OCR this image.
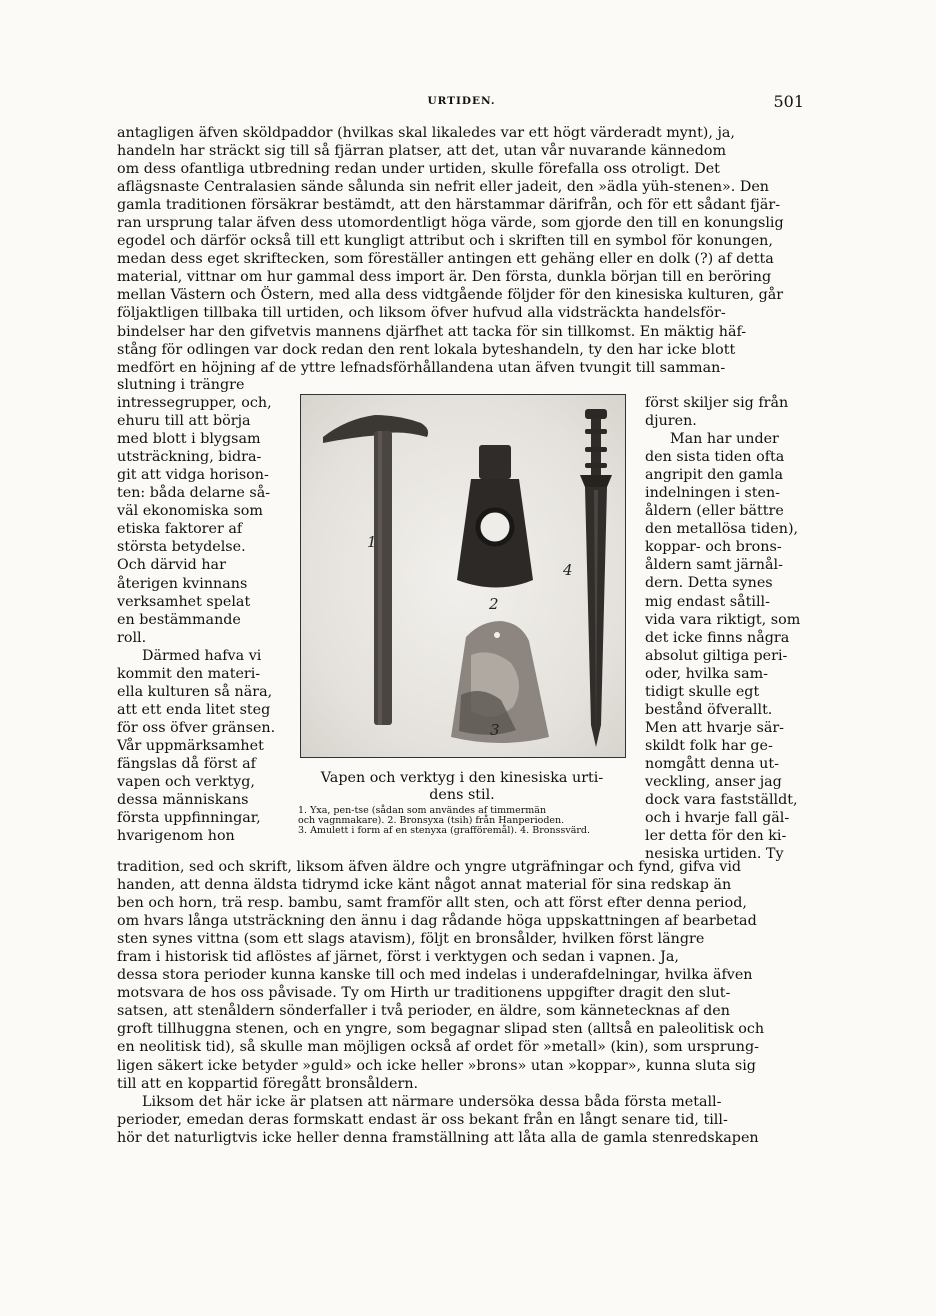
URTIDEN.	501

antagligen äfven sköldpaddor (hvilkas skal likaledes var ett högt värderadt mynt), ja,

handeln har sträckt sig till så fjärran platser, att det, utan vår nuvarande kännedom

om dess ofantliga utbredning redan under urtiden, skulle förefalla oss otroligt. Det

aflägsnaste Centralasien sände sålunda sin nefrit eller jadeit, den »ädla yüh-stenen». Den

gamla traditionen försäkrar bestämdt, att den härstammar därifrån, och för ett sådant fjär-

ran ursprung talar äfven dess utomordentligt höga värde, som gjorde den till en konungslig

egodel och därför också till ett kungligt attribut och i skriften till en symbol för konungen,

medan dess eget skriftecken, som föreställer antingen ett gehäng eller en dolk (?) af detta

material, vittnar om hur gammal dess import är. Den första, dunkla början till en beröring

mellan Västern och Östern, med alla dess vidtgående följder för den kinesiska kulturen, går

följaktligen tillbaka till urtiden, och liksom öfver hufvud alla vidsträckta handelsför-

bindelser har den gifvetvis mannens djärfhet att tacka för sin tillkomst. En mäktig häf-

stång för odlingen var dock redan den rent lokala byteshandeln, ty den har icke blott

medfört en höjning af de yttre lefnadsförhållandena utan äfven tvungit till samman-

slutning i trängre

intressegrupper, och,

ehuru till att börja

med blott i blygsam

utsträckning, bidra-

git att vidga horison-

ten: båda delarne så-

väl ekonomiska som

etiska faktorer af

största betydelse.

Och därvid har

återigen kvinnans

verksamhet spelat

en bestämmande

roll.

Därmed hafva vi

kommit den materi-

ella kulturen så nära,

att ett enda litet steg

för oss öfver gränsen.

Vår uppmärksamhet

fängslas då först af

vapen och verktyg,

dessa människans

första uppfinningar,

hvarigenom hon

1
2
3
4
Vapen och verktyg i den kinesiska urti-
dens stil.

1. Yxa, pen-tse (sådan som användes af timmermän

och vagnmakare). 2. Bronsyxa (tsih) från Hanperioden.

3. Amulett i form af en stenyxa (grafföremål). 4. Bronssvärd.

först skiljer sig från

djuren.

Man har under

den sista tiden ofta

angripit den gamla

indelningen i sten-

åldern (eller bättre

den metallösa tiden),

koppar- och brons-

åldern samt järnål-

dern. Detta synes

mig endast såtill-

vida vara riktigt, som

det icke finns några

absolut giltiga peri-

oder, hvilka sam-

tidigt skulle egt

bestånd öfverallt.

Men att hvarje sär-

skildt folk har ge-

nomgått denna ut-

veckling, anser jag

dock vara fastställdt,

och i hvarje fall gäl-

ler detta för den ki-

nesiska urtiden. Ty

tradition, sed och skrift, liksom äfven äldre och yngre utgräfningar och fynd, gifva vid

handen, att denna äldsta tidrymd icke känt något annat material för sina redskap än

ben och horn, trä resp. bambu, samt framför allt sten, och att först efter denna period,

om hvars långa utsträckning den ännu i dag rådande höga uppskattningen af bearbetad

sten synes vittna (som ett slags atavism), följt en bronsålder, hvilken först längre

fram i historisk tid aflöstes af järnet, först i verktygen och sedan i vapnen. Ja,

dessa stora perioder kunna kanske till och med indelas i underafdelningar, hvilka äfven

motsvara de hos oss påvisade. Ty om Hirth ur traditionens uppgifter dragit den slut-

satsen, att stenåldern sönderfaller i två perioder, en äldre, som kännetecknas af den

groft tillhuggna stenen, och en yngre, som begagnar slipad sten (alltså en paleolitisk och

en neolitisk tid), så skulle man möjligen också af ordet för »metall» (kin), som ursprung-

ligen säkert icke betyder »guld» och icke heller »brons» utan »koppar», kunna sluta sig

till att en koppartid föregått bronsåldern.

Liksom det här icke är platsen att närmare undersöka dessa båda första metall-

perioder, emedan deras formskatt endast är oss bekant från en långt senare tid, till-

hör det naturligtvis icke heller denna framställning att låta alla de gamla stenredskapen
